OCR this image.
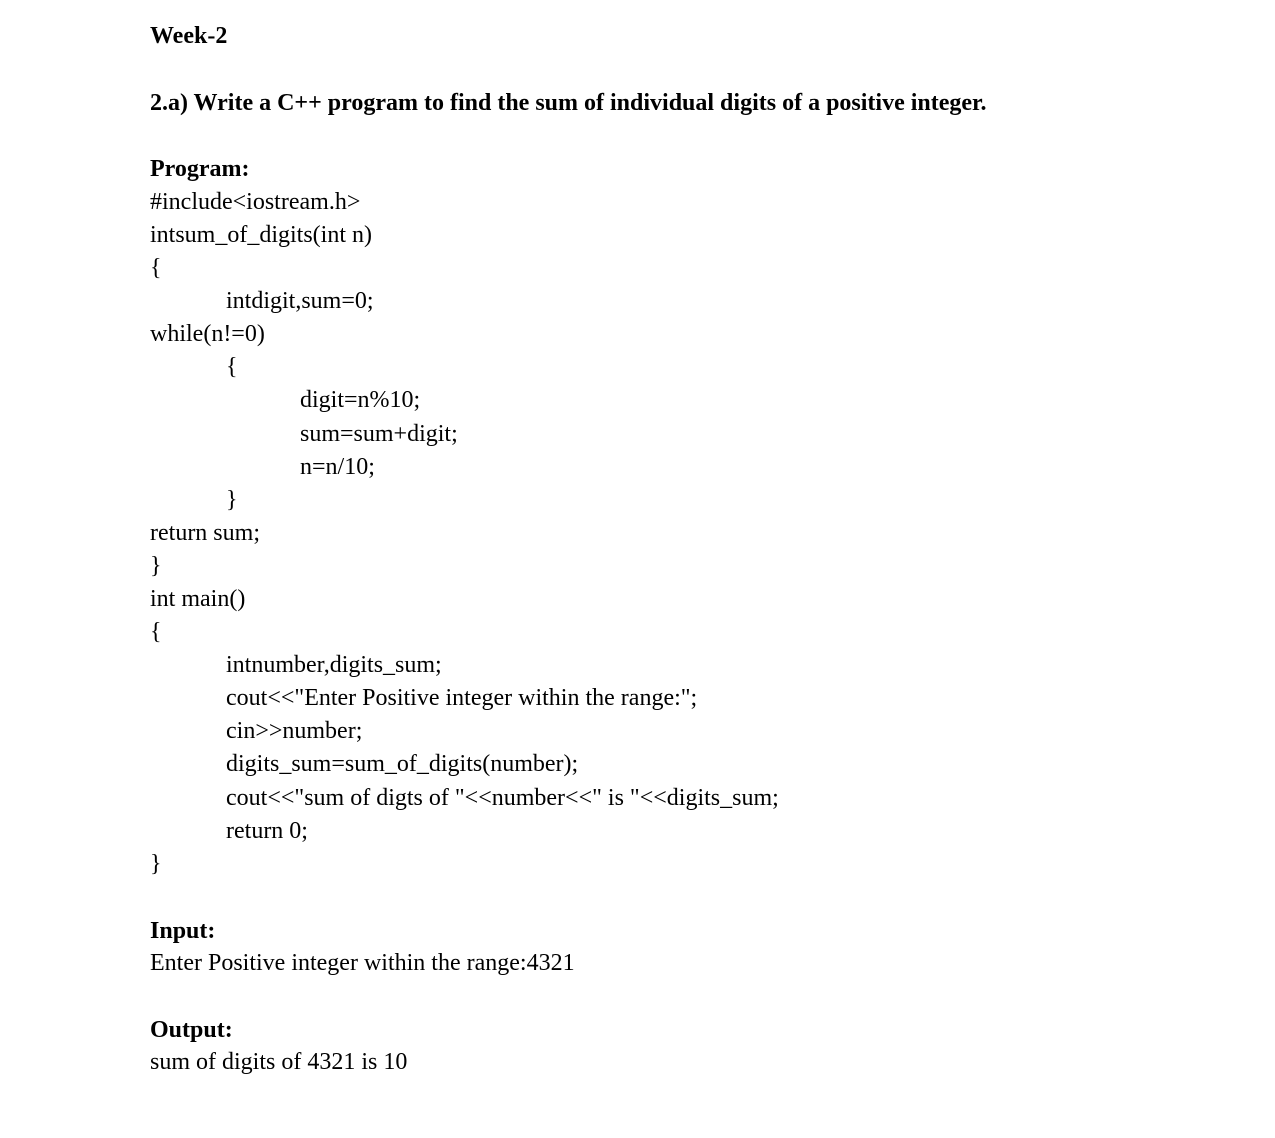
Week-2
2.a) Write a C++ program to find the sum of individual digits of a positive integer.
Program:
#include<iostream.h>
intsum_of_digits(int n)
{
intdigit,sum=0;
while(n!=0)
{
digit=n%10;
sum=sum+digit;
n=n/10;
}
return sum;
}
int main()
{
intnumber,digits_sum;
cout<<"Enter Positive integer within the range:";
cin>>number;
digits_sum=sum_of_digits(number);
cout<<"sum of digts of "<<number<<" is "<<digits_sum;
return 0;
}
Input:
Enter Positive integer within the range:4321
Output:
sum of digits of 4321 is 10
